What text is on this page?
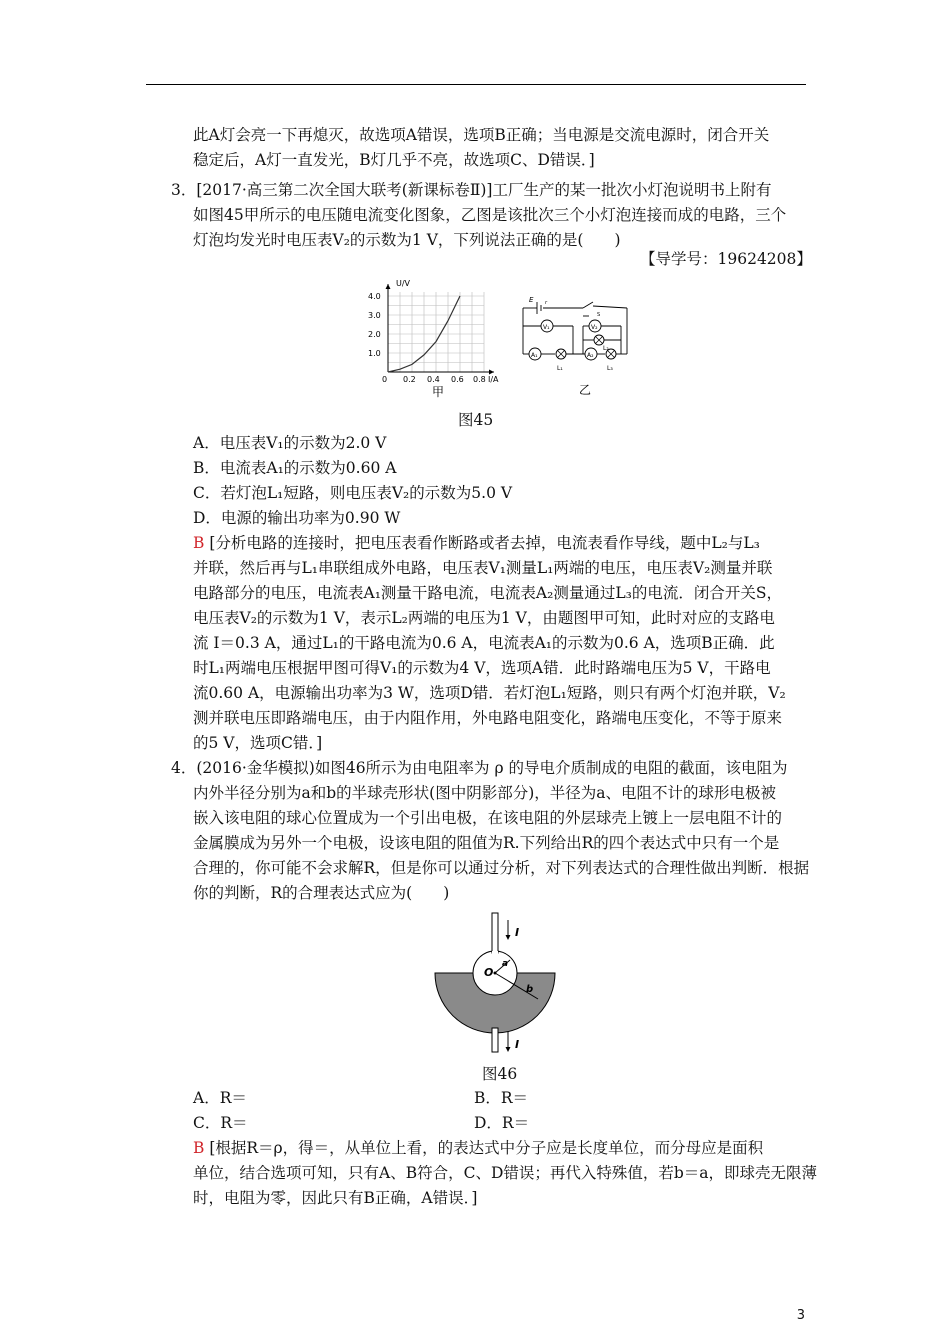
此A灯会亮一下再熄灭，故选项A错误，选项B正确；当电源是交流电源时，闭合开关
稳定后，A灯一直发光，B灯几乎不亮，故选项C、D错误．]
3．[2017·高三第二次全国大联考(新课标卷Ⅱ)]工厂生产的某一批次小灯泡说明书上附有
如图45甲所示的电压随电流变化图象，乙图是该批次三个小灯泡连接而成的电路，三个
灯泡均发光时电压表V₂的示数为1 V，下列说法正确的是(　　)
【导学号：19624208】
U/V
I/A
0
4.0
3.0
2.0
1.0
0.2 0.4 0.6 0.8
甲
E r
S
V₁	V₂
A₁	A₂
L₁
L₂
L₃
乙
图45
A．电压表V₁的示数为2.0 V
B．电流表A₁的示数为0.60 A
C．若灯泡L₁短路，则电压表V₂的示数为5.0 V
D．电源的输出功率为0.90 W
B [分析电路的连接时，把电压表看作断路或者去掉，电流表看作导线，题中L₂与L₃
并联，然后再与L₁串联组成外电路，电压表V₁测量L₁两端的电压，电压表V₂测量并联
电路部分的电压，电流表A₁测量干路电流，电流表A₂测量通过L₃的电流．闭合开关S，
电压表V₂的示数为1 V，表示L₂两端的电压为1 V，由题图甲可知，此时对应的支路电
流 I＝0.3 A，通过L₁的干路电流为0.6 A，电流表A₁的示数为0.6 A，选项B正确．此
时L₁两端电压根据甲图可得V₁的示数为4 V，选项A错．此时路端电压为5 V，干路电
流0.60 A，电源输出功率为3 W，选项D错．若灯泡L₁短路，则只有两个灯泡并联，V₂
测并联电压即路端电压，由于内阻作用，外电路电阻变化，路端电压变化，不等于原来
的5 V，选项C错．]
4．(2016·金华模拟)如图46所示为由电阻率为 ρ 的导电介质制成的电阻的截面，该电阻为
内外半径分别为a和b的半球壳形状(图中阴影部分)，半径为a、电阻不计的球形电极被
嵌入该电阻的球心位置成为一个引出电极，在该电阻的外层球壳上镀上一层电阻不计的
金属膜成为另外一个电极，设该电阻的阻值为R.下列给出R的四个表达式中只有一个是
合理的，你可能不会求解R，但是你可以通过分析，对下列表达式的合理性做出判断．根据
你的判断，R的合理表达式应为(　　)
I
I
O
a
b
图46
A．R＝	B．R＝
C．R＝	D．R＝
B [根据R＝ρ，得＝，从单位上看，的表达式中分子应是长度单位，而分母应是面积
单位，结合选项可知，只有A、B符合，C、D错误；再代入特殊值，若b＝a，即球壳无限薄
时，电阻为零，因此只有B正确，A错误．]
3
